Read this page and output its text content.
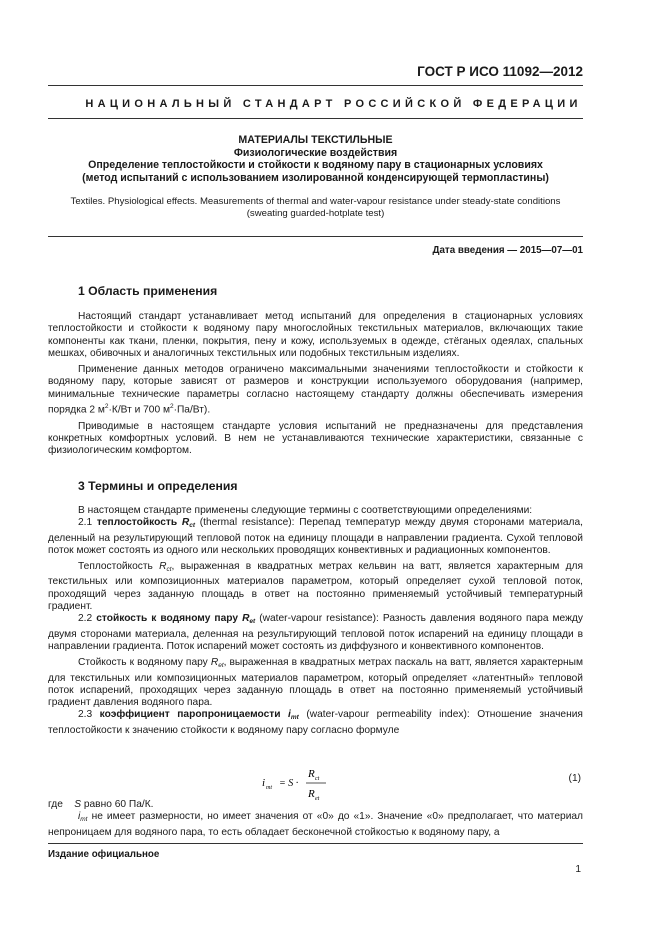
ГОСТ Р ИСО 11092—2012
НАЦИОНАЛЬНЫЙ СТАНДАРТ РОССИЙСКОЙ ФЕДЕРАЦИИ
МАТЕРИАЛЫ ТЕКСТИЛЬНЫЕ
Физиологические воздействия
Определение теплостойкости и стойкости к водяному пару в стационарных условиях
(метод испытаний с использованием изолированной конденсирующей термопластины)
Textiles. Physiological effects. Measurements of thermal and water-vapour resistance under steady-state conditions
(sweating guarded-hotplate test)
Дата введения — 2015—07—01
1 Область применения

Настоящий стандарт устанавливает метод испытаний для определения в стационарных условиях теплостойкости и стойкости к водяному пару многослойных текстильных материалов, включающих такие компоненты как ткани, пленки, покрытия, пену и кожу, используемых в одежде, стёганых одеялах, спальных мешках, обивочных и аналогичных текстильных или подобных текстильным изделиях.

Применение данных методов ограничено максимальными значениями теплостойкости и стойкости к водяному пару, которые зависят от размеров и конструкции используемого оборудования (например, минимальные технические параметры согласно настоящему стандарту должны обеспечивать измерения порядка 2 $м^2\cdot К/Вт$ и 700 $м^2\cdot Па/Вт$).

Приводимые в настоящем стандарте условия испытаний не предназначены для представления конкретных комфортных условий. В нем не устанавливаются технические характеристики, связанные с физиологическим комфортом.

3 Термины и определения

В настоящем стандарте применены следующие термины с соответствующими определениями:

2.1 теплостойкость $R_{ct}$ (thermal resistance): Перепад температур между двумя сторонами материала, деленный на результирующий тепловой поток на единицу площади в направлении градиента. Сухой тепловой поток может состоять из одного или нескольких проводящих конвективных и радиационных компонентов.

Теплостойкость Rct, выраженная в квадратных метрах кельвин на ватт, является характерным для текстильных или композиционных материалов параметром, который определяет сухой тепловой поток, проходящий через заданную площадь в ответ на постоянно применяемый устойчивый температурный градиент.

2.2 стойкость к водяному пару $R_{et}$ (water-vapour resistance): Разность давления водяного пара между двумя сторонами материала, деленная на результирующий тепловой поток испарений на единицу площади в направлении градиента. Поток испарений может состоять из диффузного и конвективного компонентов.

Стойкость к водяному пару Ret, выраженная в квадратных метрах паскаль на ватт, является характерным для текстильных или композиционных материалов параметром, который определяет «латентный» тепловой поток испарений, проходящих через заданную площадь в ответ на постоянно применяемый устойчивый градиент давления водяного пара.

2.3 коэффициент паропроницаемости $i_{mt}$ (water-vapour permeability index): Отношение значения теплостойкости к значению стойкости к водяному пару согласно формуле

i mt = S ·
R ct
R et
(1)
где S равно 60 Па/К.
imt не имеет размерности, но имеет значения от «0» до «1». Значение «0» предполагает, что материал непроницаем для водяного пара, то есть обладает бесконечной стойкостью к водяному пару, а
Издание официальное
1
